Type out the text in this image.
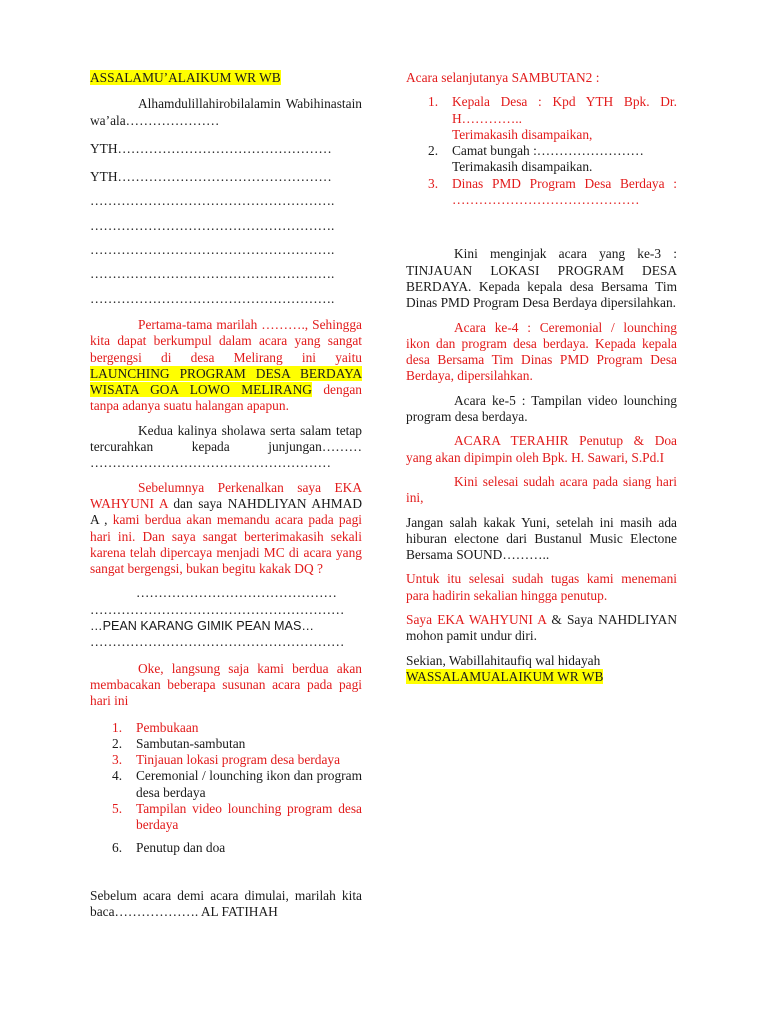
ASSALAMU’ALAIKUM WR WB

Alhamdulillahirobilalamin Wabihinastain wa’ala…………………

YTH…………………………………………

YTH…………………………………………

……………………………………………….

……………………………………………….

……………………………………………….

……………………………………………….

……………………………………………….

Pertama-tama marilah ………., Sehingga kita dapat berkumpul dalam acara yang sangat bergengsi di desa Melirang ini yaitu LAUNCHING PROGRAM DESA BERDAYA WISATA GOA LOWO MELIRANG dengan tanpa adanya suatu halangan apapun.

Kedua kalinya sholawa serta salam tetap tercurahkan kepada junjungan……… ………………………………………………

Sebelumnya Perkenalkan saya EKA WAHYUNI A dan saya NAHDLIYAN AHMAD A , kami berdua akan memandu acara pada pagi hari ini. Dan saya sangat berterimakasih sekali karena telah dipercaya menjadi MC di acara yang sangat bergengsi, bukan begitu kakak DQ ?

………………………………………

…………………………………………………

…PEAN KARANG GIMIK PEAN MAS…

…………………………………………………

Oke, langsung saja kami berdua akan membacakan beberapa susunan acara pada pagi hari ini

1. Pembukaan
2. Sambutan-sambutan
3. Tinjauan lokasi program desa berdaya
4. Ceremonial / lounching ikon dan program desa berdaya
5. Tampilan video lounching program desa berdaya
6. Penutup dan doa

Sebelum acara demi acara dimulai, marilah kita baca………………. AL FATIHAH

Acara selanjutanya SAMBUTAN2 :

1. Kepala Desa : Kpd YTH Bpk. Dr. H…………..
Terimakasih disampaikan,
2. Camat bungah :……………………
Terimakasih disampaikan.
3. Dinas PMD Program Desa Berdaya : ……………………………………

Kini menginjak acara yang ke-3 : TINJAUAN LOKASI PROGRAM DESA BERDAYA. Kepada kepala desa Bersama Tim Dinas PMD Program Desa Berdaya dipersilahkan.

Acara ke-4 : Ceremonial / lounching ikon dan program desa berdaya. Kepada kepala desa Bersama Tim Dinas PMD Program Desa Berdaya, dipersilahkan.

Acara ke-5 : Tampilan video lounching program desa berdaya.

ACARA TERAHIR Penutup & Doa yang akan dipimpin oleh Bpk. H. Sawari, S.Pd.I

Kini selesai sudah acara pada siang hari ini,

Jangan salah kakak Yuni, setelah ini masih ada hiburan electone dari Bustanul Music Electone Bersama SOUND………..

Untuk itu selesai sudah tugas kami menemani para hadirin sekalian hingga penutup.

Saya EKA WAHYUNI A & Saya NAHDLIYAN mohon pamit undur diri.

Sekian, Wabillahitaufiq wal hidayah

WASSALAMUALAIKUM WR WB
